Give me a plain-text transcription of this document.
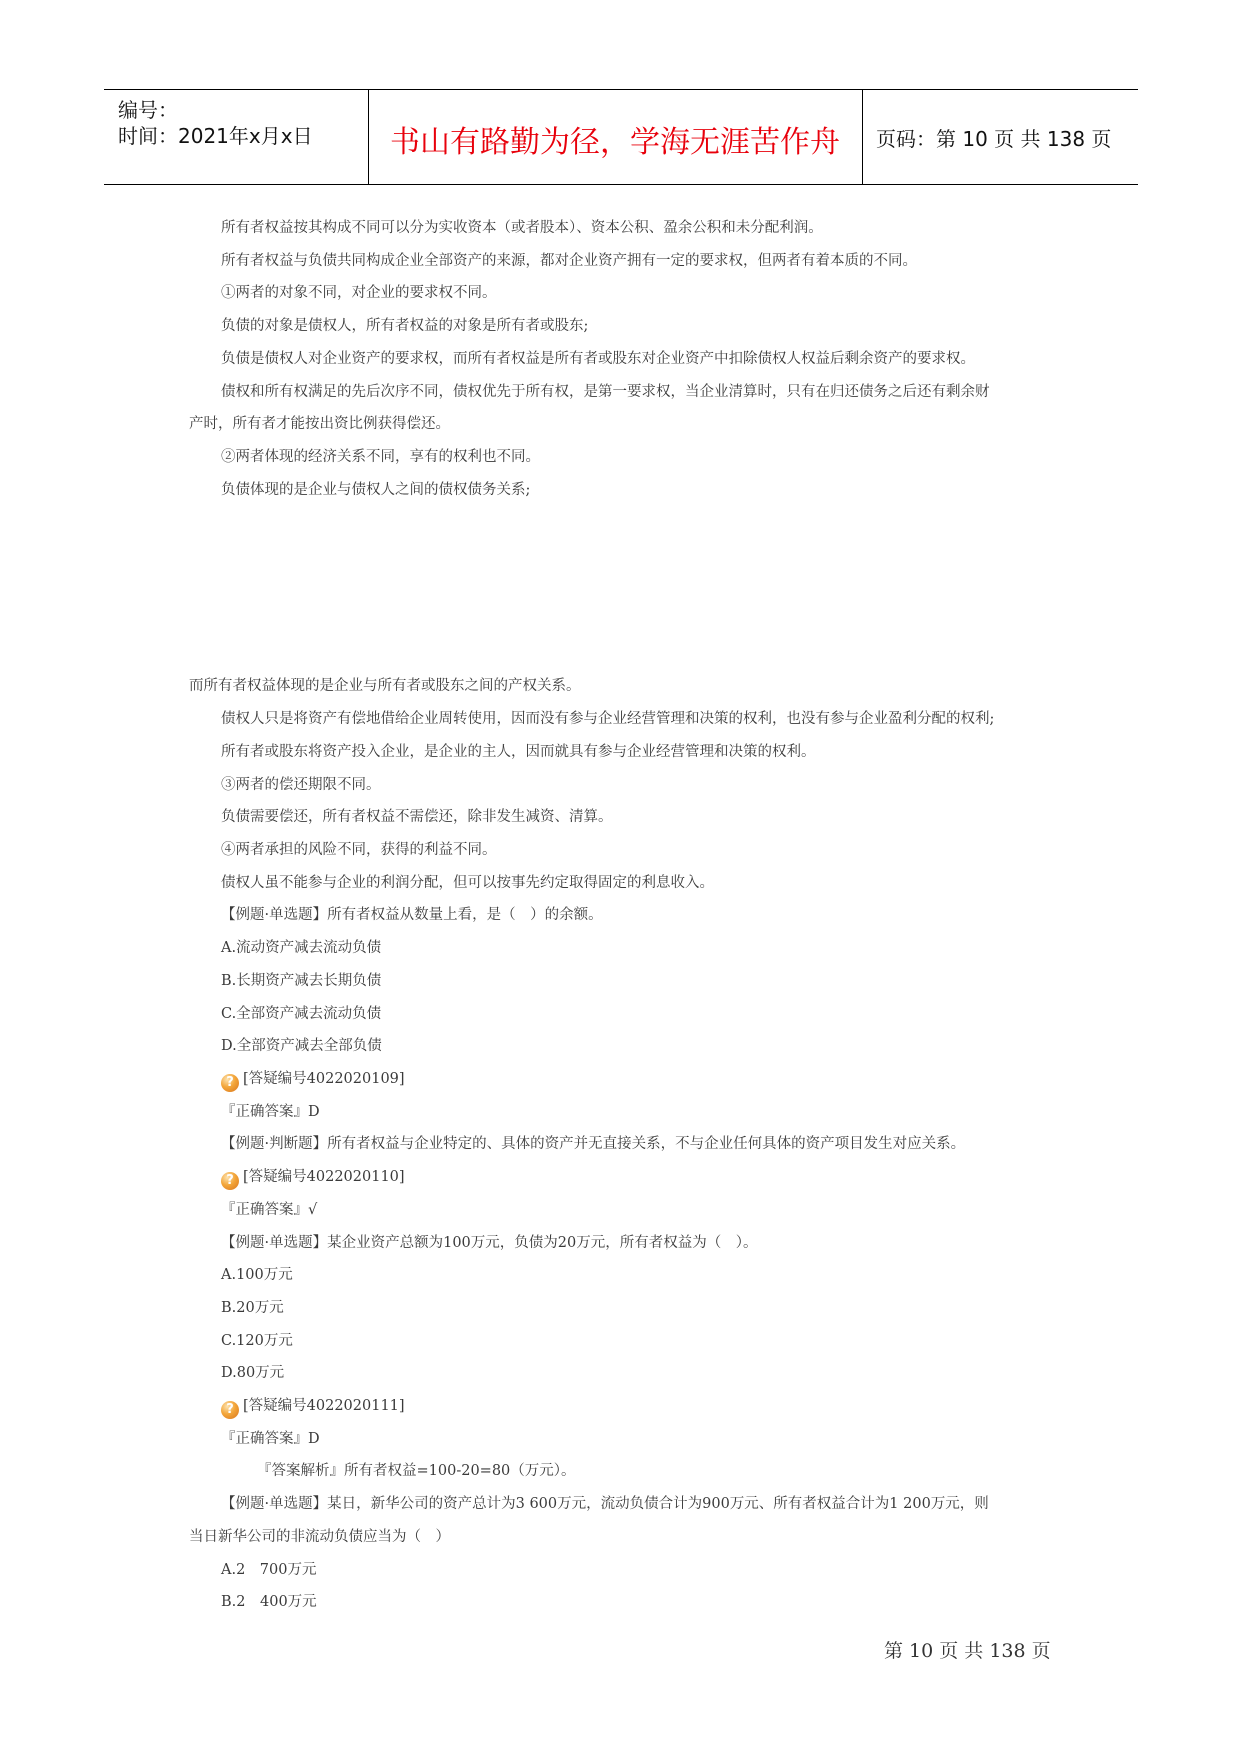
编号：
时间：2021年x月x日	书山有路勤为径，学海无涯苦作舟	页码：第 10 页 共 138 页
所有者权益按其构成不同可以分为实收资本（或者股本）、资本公积、盈余公积和未分配利润。
所有者权益与负债共同构成企业全部资产的来源，都对企业资产拥有一定的要求权，但两者有着本质的不同。
①两者的对象不同，对企业的要求权不同。
负债的对象是债权人，所有者权益的对象是所有者或股东;
负债是债权人对企业资产的要求权，而所有者权益是所有者或股东对企业资产中扣除债权人权益后剩余资产的要求权。
债权和所有权满足的先后次序不同，债权优先于所有权，是第一要求权，当企业清算时，只有在归还债务之后还有剩余财
产时，所有者才能按出资比例获得偿还。
②两者体现的经济关系不同，享有的权利也不同。
负债体现的是企业与债权人之间的债权债务关系;
而所有者权益体现的是企业与所有者或股东之间的产权关系。
债权人只是将资产有偿地借给企业周转使用，因而没有参与企业经营管理和决策的权利，也没有参与企业盈利分配的权利;
所有者或股东将资产投入企业，是企业的主人，因而就具有参与企业经营管理和决策的权利。
③两者的偿还期限不同。
负债需要偿还，所有者权益不需偿还，除非发生减资、清算。
④两者承担的风险不同，获得的利益不同。
债权人虽不能参与企业的利润分配，但可以按事先约定取得固定的利息收入。
【例题·单选题】所有者权益从数量上看，是（　）的余额。
A.流动资产减去流动负债
B.长期资产减去长期负债
C.全部资产减去流动负债
D.全部资产减去全部负债
? [答疑编号4022020109]
『正确答案』D
【例题·判断题】所有者权益与企业特定的、具体的资产并无直接关系，不与企业任何具体的资产项目发生对应关系。
? [答疑编号4022020110]
『正确答案』√
【例题·单选题】某企业资产总额为100万元，负债为20万元，所有者权益为（　）。
A.100万元
B.20万元
C.120万元
D.80万元
? [答疑编号4022020111]
『正确答案』D
『答案解析』所有者权益=100-20=80（万元）。
【例题·单选题】某日，新华公司的资产总计为3 600万元，流动负债合计为900万元、所有者权益合计为1 200万元，则
当日新华公司的非流动负债应当为（　）
A.2　700万元
B.2　400万元
第 10 页 共 138 页
